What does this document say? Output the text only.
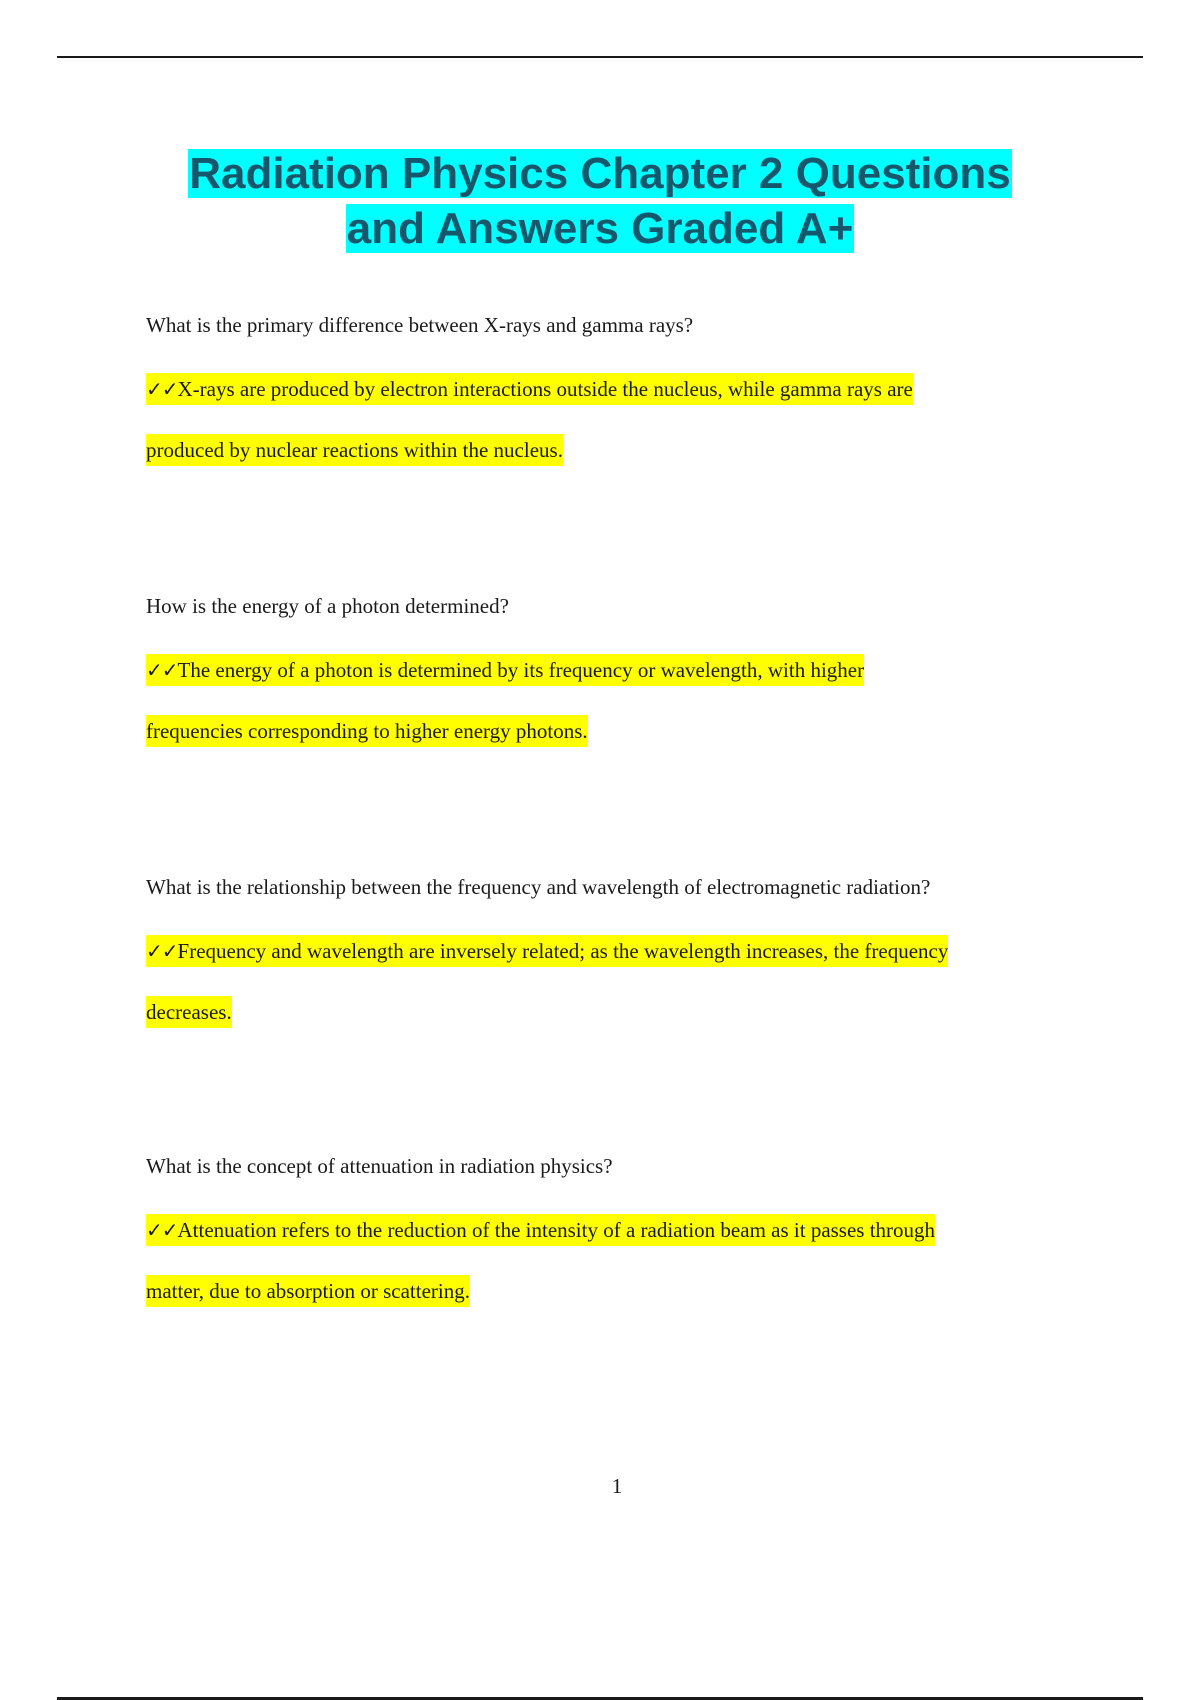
Radiation Physics Chapter 2 Questions
and Answers Graded A+

What is the primary difference between X-rays and gamma rays?

✓✓X-rays are produced by electron interactions outside the nucleus, while gamma rays are
produced by nuclear reactions within the nucleus.

How is the energy of a photon determined?

✓✓The energy of a photon is determined by its frequency or wavelength, with higher
frequencies corresponding to higher energy photons.

What is the relationship between the frequency and wavelength of electromagnetic radiation?

✓✓Frequency and wavelength are inversely related; as the wavelength increases, the frequency
decreases.

What is the concept of attenuation in radiation physics?

✓✓Attenuation refers to the reduction of the intensity of a radiation beam as it passes through
matter, due to absorption or scattering.

1
